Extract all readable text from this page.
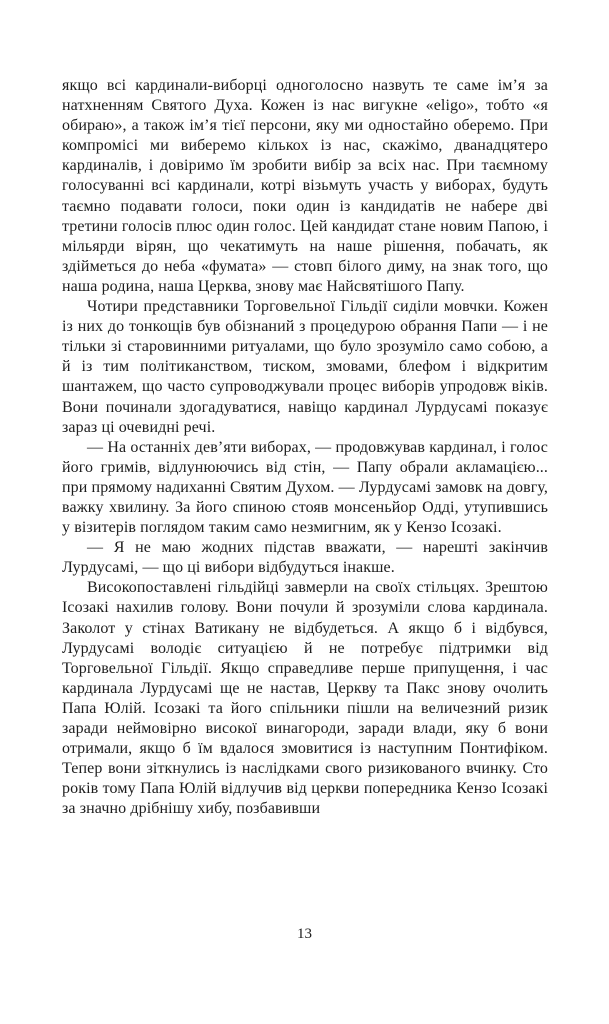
якщо всі кардинали-виборці одноголосно назвуть те саме ім’я за натхненням Святого Духа. Кожен із нас вигукне «eligo», тобто «я обираю», а також ім’я тієї персони, яку ми одностайно оберемо. При компромісі ми виберемо кількох із нас, скажімо, дванадцятеро кардиналів, і довіримо їм зробити вибір за всіх нас. При таємному голосуванні всі кардинали, котрі візьмуть участь у виборах, будуть таємно подавати голоси, поки один із кандидатів не набере дві третини голосів плюс один голос. Цей кандидат стане новим Папою, і мільярди вірян, що чекатимуть на наше рішення, побачать, як здійметься до неба «фумата» — стовп білого диму, на знак того, що наша родина, наша Церква, знову має Найсвятішого Папу.

Чотири представники Торговельної Гільдії сиділи мовчки. Кожен із них до тонкощів був обізнаний з процедурою обрання Папи — і не тільки зі старовинними ритуалами, що було зрозуміло само собою, а й із тим політиканством, тиском, змовами, блефом і відкритим шантажем, що часто супроводжували процес виборів упродовж віків. Вони починали здогадуватися, навіщо кардинал Лурдусамі показує зараз ці очевидні речі.

— На останніх дев’яти виборах, — продовжував кардинал, і голос його гримів, відлунюючись від стін, — Папу обрали акламацією... при прямому надиханні Святим Духом. — Лурдусамі замовк на довгу, важку хвилину. За його спиною стояв монсеньйор Одді, утупившись у візитерів поглядом таким само незмигним, як у Кензо Ісозакі.

— Я не маю жодних підстав вважати, — нарешті закінчив Лурдусамі, — що ці вибори відбудуться інакше.

Високопоставлені гільдійці завмерли на своїх стільцях. Зрештою Ісозакі нахилив голову. Вони почули й зрозуміли слова кардинала. Заколот у стінах Ватикану не відбудеться. А якщо б і відбувся, Лурдусамі володіє ситуацією й не потребує підтримки від Торговельної Гільдії. Якщо справедливе перше припущення, і час кардинала Лурдусамі ще не настав, Церкву та Пакс знову очолить Папа Юлій. Ісозакі та його спільники пішли на величезний ризик заради неймовірно високої винагороди, заради влади, яку б вони отримали, якщо б їм вдалося змовитися із наступним Понтифіком. Тепер вони зіткнулись із наслідками свого ризикованого вчинку. Сто років тому Папа Юлій відлучив від церкви попередника Кензо Ісозакі за значно дрібнішу хибу, позбавивши

13
